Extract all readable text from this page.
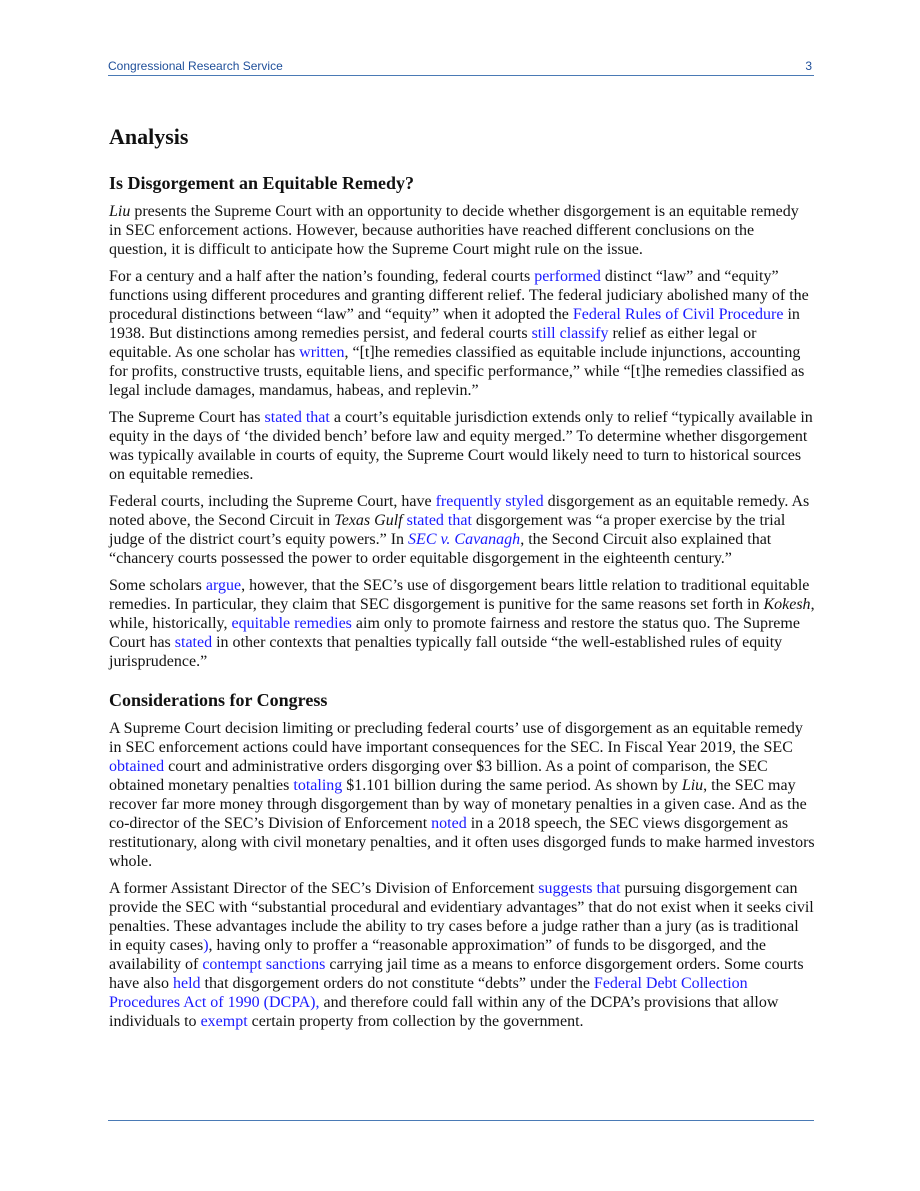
Congressional Research Service	3
Analysis
Is Disgorgement an Equitable Remedy?

Liu presents the Supreme Court with an opportunity to decide whether disgorgement is an equitable remedy in SEC enforcement actions. However, because authorities have reached different conclusions on the question, it is difficult to anticipate how the Supreme Court might rule on the issue.

For a century and a half after the nation’s founding, federal courts performed distinct “law” and “equity” functions using different procedures and granting different relief. The federal judiciary abolished many of the procedural distinctions between “law” and “equity” when it adopted the Federal Rules of Civil Procedure in 1938. But distinctions among remedies persist, and federal courts still classify relief as either legal or equitable. As one scholar has written, “[t]he remedies classified as equitable include injunctions, accounting for profits, constructive trusts, equitable liens, and specific performance,” while “[t]he remedies classified as legal include damages, mandamus, habeas, and replevin.”

The Supreme Court has stated that a court’s equitable jurisdiction extends only to relief “typically available in equity in the days of ‘the divided bench’ before law and equity merged.” To determine whether disgorgement was typically available in courts of equity, the Supreme Court would likely need to turn to historical sources on equitable remedies.

Federal courts, including the Supreme Court, have frequently styled disgorgement as an equitable remedy. As noted above, the Second Circuit in Texas Gulf stated that disgorgement was “a proper exercise by the trial judge of the district court’s equity powers.” In SEC v. Cavanagh, the Second Circuit also explained that “chancery courts possessed the power to order equitable disgorgement in the eighteenth century.”

Some scholars argue, however, that the SEC’s use of disgorgement bears little relation to traditional equitable remedies. In particular, they claim that SEC disgorgement is punitive for the same reasons set forth in Kokesh, while, historically, equitable remedies aim only to promote fairness and restore the status quo. The Supreme Court has stated in other contexts that penalties typically fall outside “the well-established rules of equity jurisprudence.”

Considerations for Congress

A Supreme Court decision limiting or precluding federal courts’ use of disgorgement as an equitable remedy in SEC enforcement actions could have important consequences for the SEC. In Fiscal Year 2019, the SEC obtained court and administrative orders disgorging over $3 billion. As a point of comparison, the SEC obtained monetary penalties totaling $1.101 billion during the same period. As shown by Liu, the SEC may recover far more money through disgorgement than by way of monetary penalties in a given case. And as the co-director of the SEC’s Division of Enforcement noted in a 2018 speech, the SEC views disgorgement as restitutionary, along with civil monetary penalties, and it often uses disgorged funds to make harmed investors whole.

A former Assistant Director of the SEC’s Division of Enforcement suggests that pursuing disgorgement can provide the SEC with “substantial procedural and evidentiary advantages” that do not exist when it seeks civil penalties. These advantages include the ability to try cases before a judge rather than a jury (as is traditional in equity cases), having only to proffer a “reasonable approximation” of funds to be disgorged, and the availability of contempt sanctions carrying jail time as a means to enforce disgorgement orders. Some courts have also held that disgorgement orders do not constitute “debts” under the Federal Debt Collection Procedures Act of 1990 (DCPA), and therefore could fall within any of the DCPA’s provisions that allow individuals to exempt certain property from collection by the government.
